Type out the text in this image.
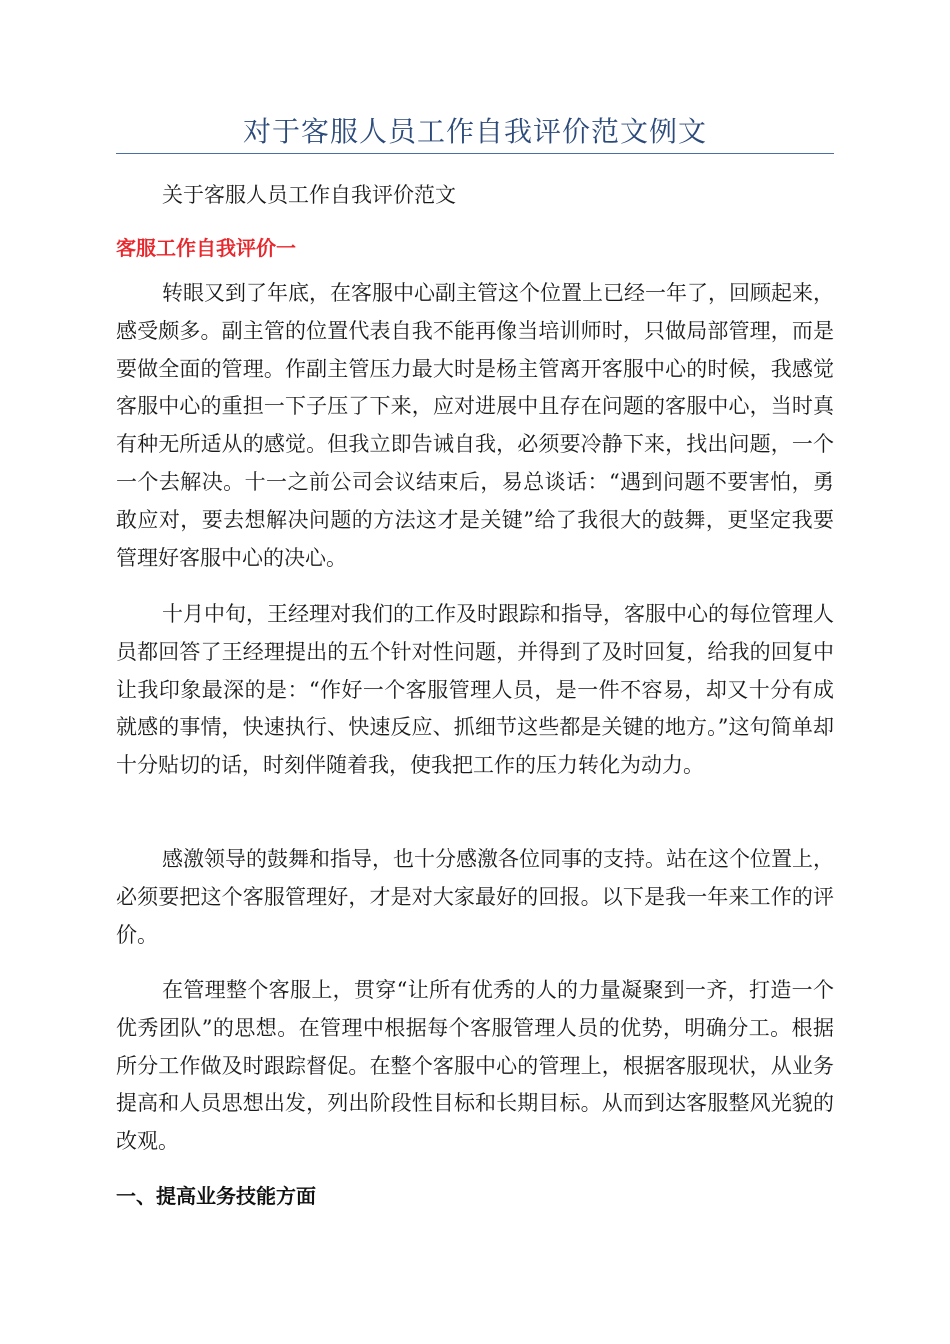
对于客服人员工作自我评价范文例文
关于客服人员工作自我评价范文
客服工作自我评价一

转眼又到了年底，在客服中心副主管这个位置上已经一年了，回顾起来，感受颇多。副主管的位置代表自我不能再像当培训师时，只做局部管理，而是要做全面的管理。作副主管压力最大时是杨主管离开客服中心的时候，我感觉客服中心的重担一下子压了下来，应对进展中且存在问题的客服中心，当时真有种无所适从的感觉。但我立即告诫自我，必须要冷静下来，找出问题，一个一个去解决。十一之前公司会议结束后，易总谈话：“遇到问题不要害怕，勇敢应对，要去想解决问题的方法这才是关键”给了我很大的鼓舞，更坚定我要管理好客服中心的决心。

十月中旬，王经理对我们的工作及时跟踪和指导，客服中心的每位管理人员都回答了王经理提出的五个针对性问题，并得到了及时回复，给我的回复中让我印象最深的是：“作好一个客服管理人员，是一件不容易，却又十分有成就感的事情，快速执行、快速反应、抓细节这些都是关键的地方。”这句简单却十分贴切的话，时刻伴随着我，使我把工作的压力转化为动力。

感激领导的鼓舞和指导，也十分感激各位同事的支持。站在这个位置上，必须要把这个客服管理好，才是对大家最好的回报。以下是我一年来工作的评价。

在管理整个客服上，贯穿“让所有优秀的人的力量凝聚到一齐，打造一个优秀团队”的思想。在管理中根据每个客服管理人员的优势，明确分工。根据所分工作做及时跟踪督促。在整个客服中心的管理上，根据客服现状，从业务提高和人员思想出发，列出阶段性目标和长期目标。从而到达客服整风光貌的改观。

一、提高业务技能方面
